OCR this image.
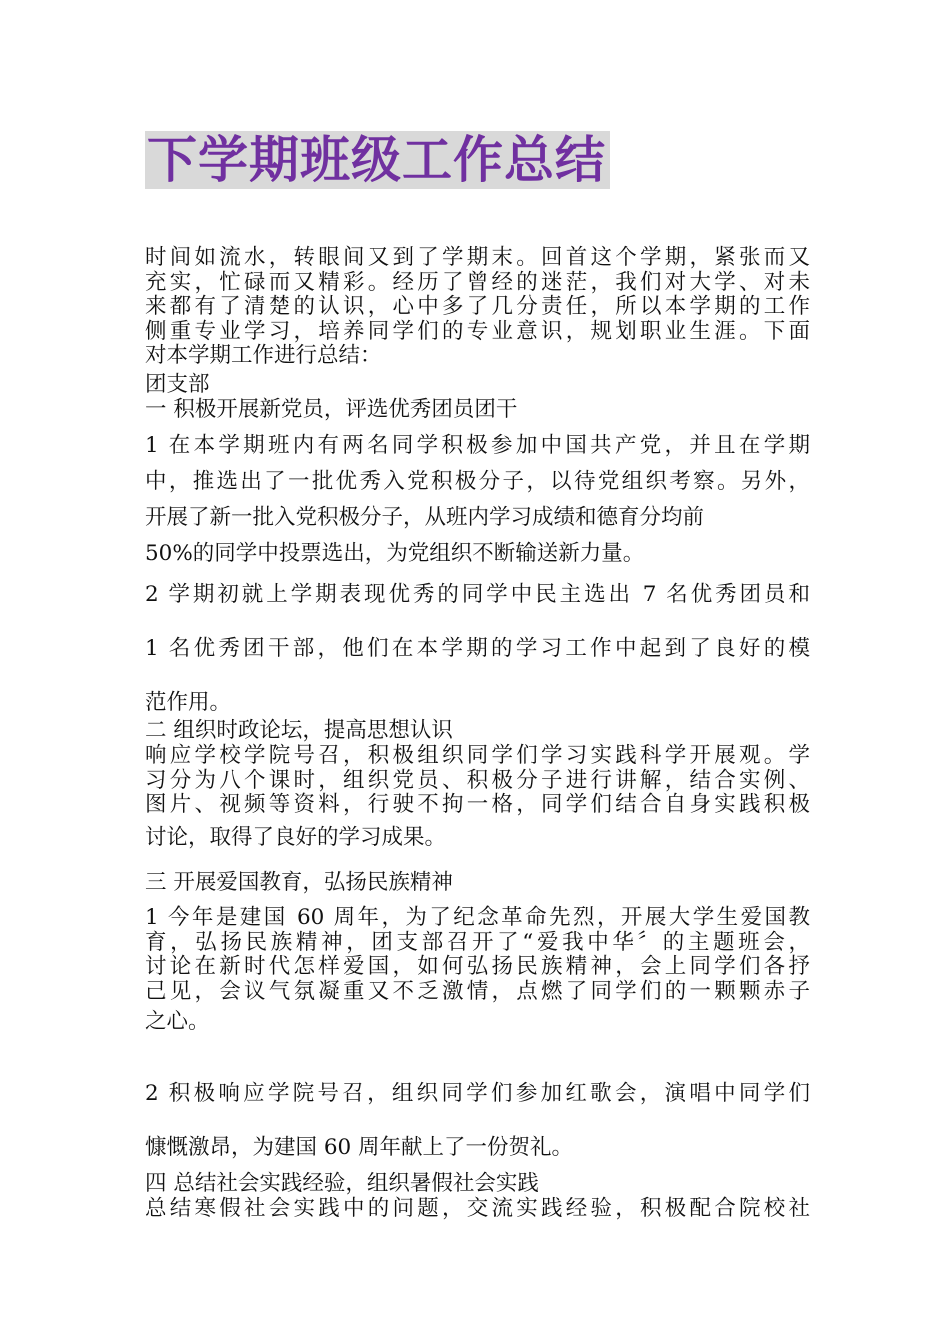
下学期班级工作总结
时间如流水，转眼间又到了学期末。回首这个学期，紧张而又
充实，忙碌而又精彩。经历了曾经的迷茫，我们对大学、对未
来都有了清楚的认识，心中多了几分责任，所以本学期的工作
侧重专业学习，培养同学们的专业意识，规划职业生涯。下面
对本学期工作进行总结：
团支部
一 积极开展新党员，评选优秀团员团干
1 在本学期班内有两名同学积极参加中国共产党，并且在学期
中，推选出了一批优秀入党积极分子，以待党组织考察。另外，
开展了新一批入党积极分子，从班内学习成绩和德育分均前
50%的同学中投票选出，为党组织不断输送新力量。
2 学期初就上学期表现优秀的同学中民主选出 7 名优秀团员和
1 名优秀团干部，他们在本学期的学习工作中起到了良好的模
范作用。
二 组织时政论坛，提高思想认识
响应学校学院号召，积极组织同学们学习实践科学开展观。学
习分为八个课时，组织党员、积极分子进行讲解，结合实例、
图片、视频等资料，行驶不拘一格，同学们结合自身实践积极
讨论，取得了良好的学习成果。
三 开展爱国教育，弘扬民族精神
1 今年是建国 60 周年，为了纪念革命先烈，开展大学生爱国教
育，弘扬民族精神，团支部召开了“爱我中华〞的主题班会，
讨论在新时代怎样爱国，如何弘扬民族精神，会上同学们各抒
己见，会议气氛凝重又不乏激情，点燃了同学们的一颗颗赤子
之心。
2 积极响应学院号召，组织同学们参加红歌会，演唱中同学们
慷慨激昂，为建国 60 周年献上了一份贺礼。
四 总结社会实践经验，组织暑假社会实践
总结寒假社会实践中的问题，交流实践经验，积极配合院校社
